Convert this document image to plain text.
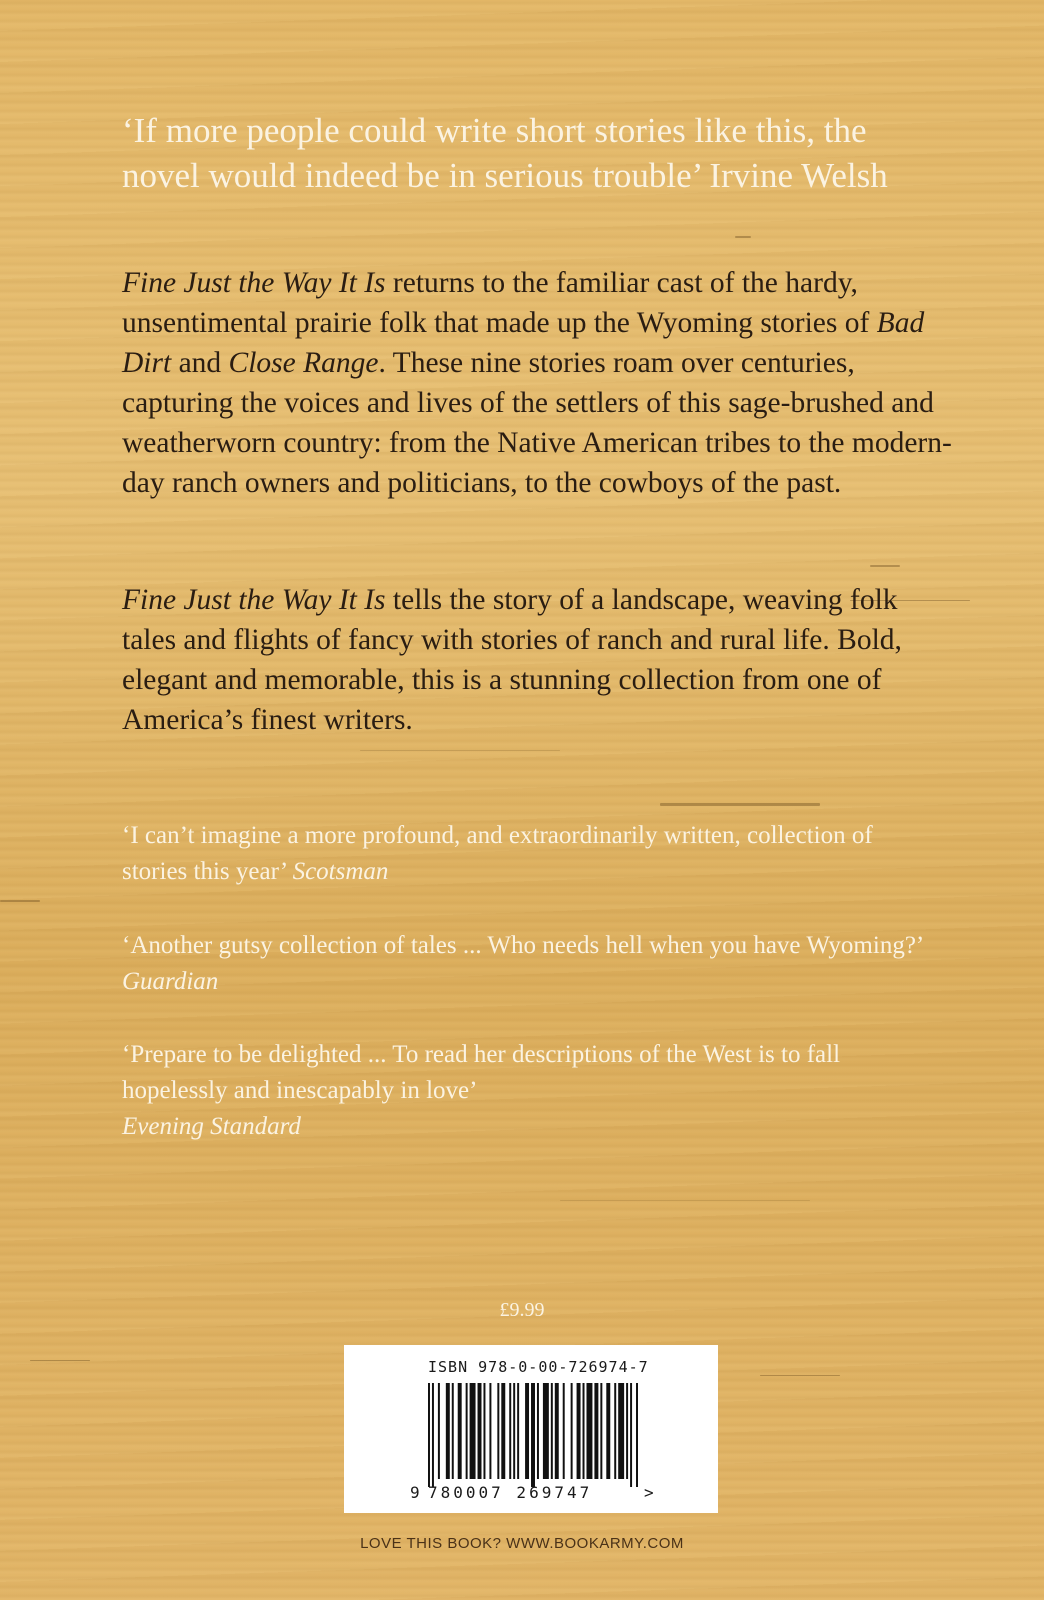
‘If more people could write short stories like this, the novel would indeed be in serious trouble’ Irvine Welsh

Fine Just the Way It Is returns to the familiar cast of the hardy, unsentimental prairie folk that made up the Wyoming stories of Bad Dirt and Close Range. These nine stories roam over centuries, capturing the voices and lives of the settlers of this sage-brushed and weatherworn country: from the Native American tribes to the modern-day ranch owners and politicians, to the cowboys of the past.

Fine Just the Way It Is tells the story of a landscape, weaving folk tales and flights of fancy with stories of ranch and rural life. Bold, elegant and memorable, this is a stunning collection from one of America’s finest writers.

‘I can’t imagine a more profound, and extraordinarily written, collection of stories this year’ Scotsman

‘Another gutsy collection of tales ... Who needs hell when you have Wyoming?’ Guardian

‘Prepare to be delighted ... To read her descriptions of the West is to fall hopelessly and inescapably in love’
Evening Standard

£9.99
ISBN 978-0-00-726974-7
9 780007 269747	>
LOVE THIS BOOK? WWW.BOOKARMY.COM
